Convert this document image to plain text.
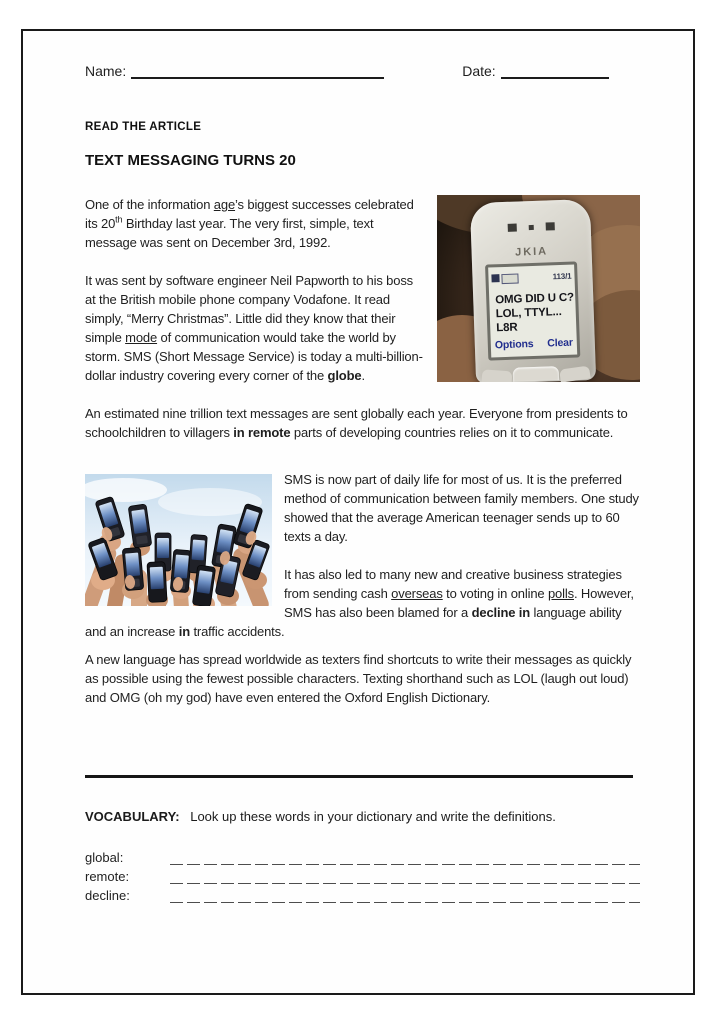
Name:	Date:
READ THE ARTICLE
TEXT MESSAGING TURNS 20
JKIA
113/1
OMG DID U C?
LOL, TTYL... L8R
Options Clear

One of the information age’s biggest successes celebrated its 20th Birthday last year. The very first, simple, text message was sent on December 3rd, 1992.

It was sent by software engineer Neil Papworth to his boss at the British mobile phone company Vodafone. It read simply, “Merry Christmas”. Little did they know that their simple mode of communication would take the world by storm. SMS (Short Message Service) is today a multi-billion-dollar industry covering every corner of the globe.

An estimated nine trillion text messages are sent globally each year. Everyone from presidents to schoolchildren to villagers in remote parts of developing countries relies on it to communicate.

SMS is now part of daily life for most of us. It is the preferred method of communication between family members. One study showed that the average American teenager sends up to 60 texts a day.

It has also led to many new and creative business strategies from sending cash overseas to voting in online polls. However, SMS has also been blamed for a decline in language ability and an increase in traffic accidents.

A new language has spread worldwide as texters find shortcuts to write their messages as quickly as possible using the fewest possible characters. Texting shorthand such as LOL (laugh out loud) and OMG (oh my god) have even entered the Oxford English Dictionary.

VOCABULARY: Look up these words in your dictionary and write the definitions.
global:
remote:
decline:
